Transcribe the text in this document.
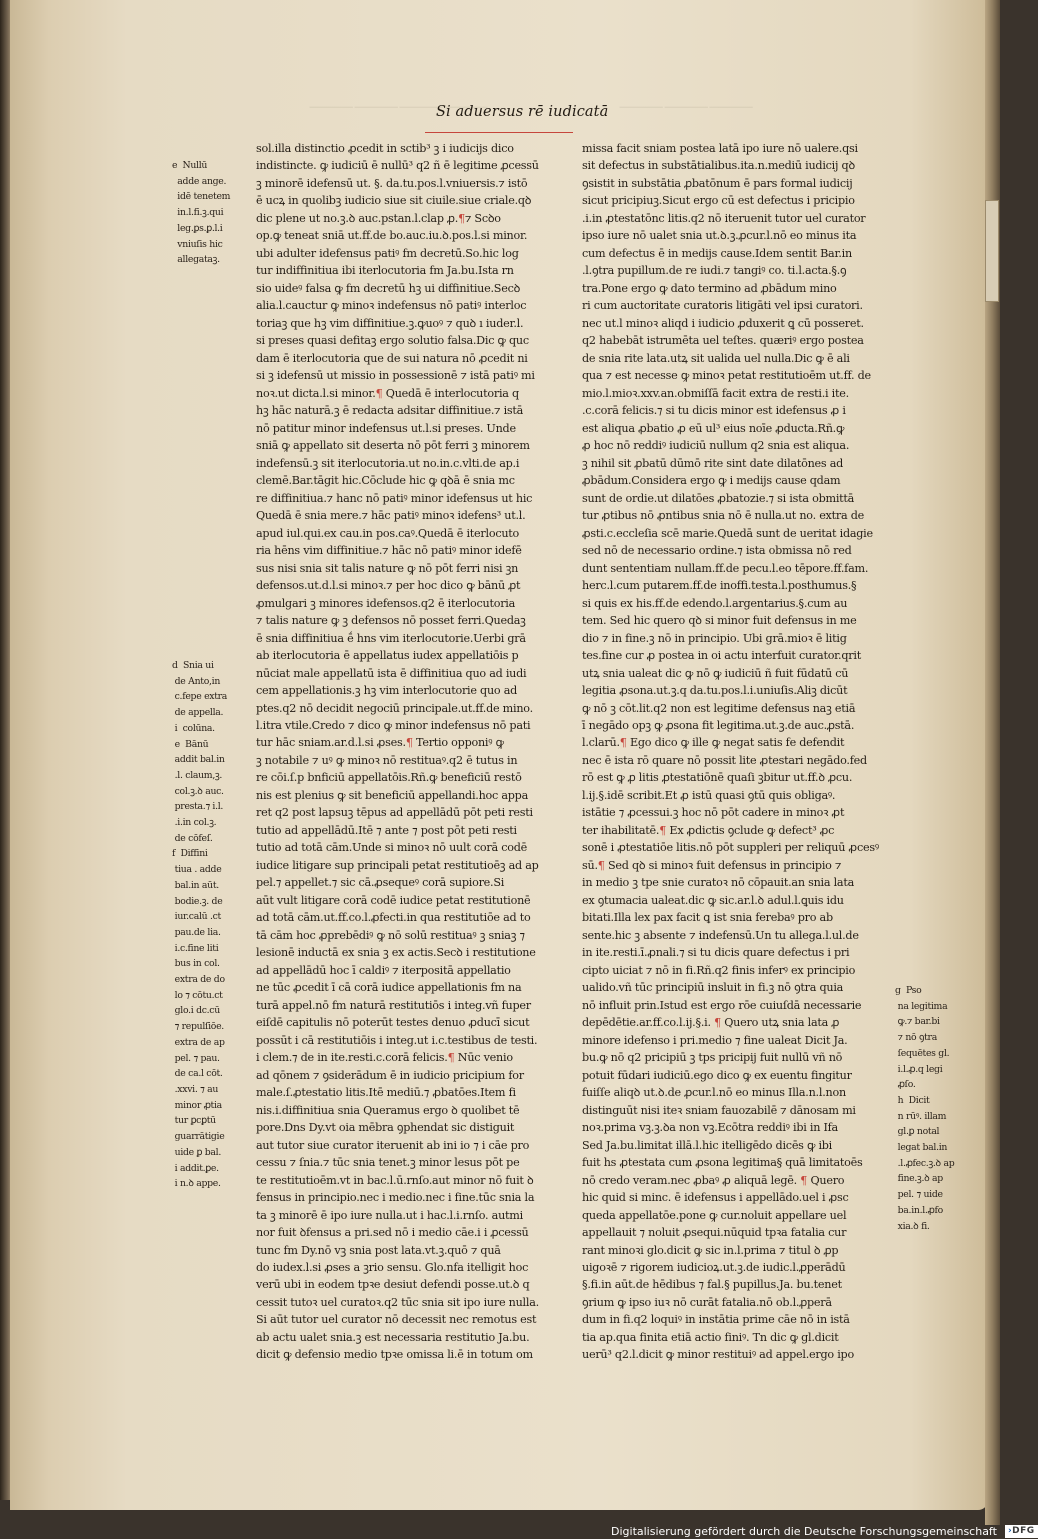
⸻⸻⸻⸻	⸻⸻⸻
Si aduersus rē iudicatā
e  Nullū
adde ange.
idē tenetem
in.l.fi.ꝫ.qui
leg.ꝑs.ꝑ.l.i
vniuſis hic
allegataꝫ.
d  Snia ui
de Anto,in
c.fepe extra
de appella.
i  colūna.
e  Bānū
addit bal.in
.l. claum,ꝫ.
col.ꝫ.ꝺ auc.
presta.⁊ i.l.
.i.in col.ꝫ.
de cōfeſ.
f  Diffini
tiua . adde
bal.in aūt.
bodie.ꝫ. de
iur.calū .ct
pau.de lia.
i.c.fine liti
bus in col.
extra de do
lo ⁊ cōtu.ct
glo.i dc.cū
⁊ repulſiōe.
extra de ap
pel. ⁊ pau.
de ca.l cōt.
.xxvi. ⁊ au
minor ꝓtia
tur ꝑcꝑtū
guarrātigie
uide ꝑ bal.
i addit.ꝑe.
i n.ꝺ appe.
g  Pso
na legitima
ꝙ.⁊ bar.bi
⁊ nō ꝯtra
ſequētes gl.
i.l.ꝓ.q legi
ꝓſo.
h  Dicit
n rūꝰ. illam
gl.ꝑ notal
legat bal.in
.l.ꝓfec.ꝫ.ꝺ ap
fine.ꝫ.ꝺ ap
pel. ⁊ uide
ba.in.l.ꝓfo
xia.ꝺ fi.
sol.illa distinctio ꝓcedit in sctib³ ꝫ i iudicijs dico
indistincte. ꝙ iudiciū ē nullū³ q2 ñ ē legitime ꝓcessū
ꝫ minorē idefensū ut. §. da.tu.pos.l.vniuersis.⁊ istō
ē ucꝝ in quolibꝫ iudicio siue sit ciuile.siue criale.qꝺ
dic plene ut no.ꝫ.ꝺ auc.pstan.l.clap ꝓ.¶⁊ Scꝺo
op.ꝙ teneat sniā ut.ff.de bo.auc.iu.ꝺ.pos.l.si minor.
ubi adulter idefensus patiꝰ fm decretū.So.hic log
tur indiffinitiua ibi iterlocutoria fm Ja.bu.Ista rn
sio uideꝰ falsa ꝙ fm decretū hꝫ ui diffinitiue.Secꝺ
alia.l.cauctur ꝙ minoꝛ indefensus nō patiꝰ interloc
toriaꝫ que hꝫ vim diffinitiue.ꝫ.ꝙuoꝰ ⁊ quꝺ ı iuder.l.
si preses quasi defitaꝫ ergo solutio falsa.Dic ꝙ quc
dam ē iterlocutoria que de sui natura nō ꝓcedit ni
si ꝫ idefensū ut missio in possessionē ⁊ istā patiꝰ mi
noꝛ.ut dicta.l.si minor.¶ Quedā ē interlocutoria q
hꝫ hāc naturā.ꝫ ē redacta adsitar diffinitiue.⁊ istā
nō patitur minor indefensus ut.l.si preses. Unde
sniā ꝙ appellato sit deserta nō pōt ferri ꝫ minorem
indefensū.ꝫ sit iterlocutoria.ut no.in.c.vlti.de ap.i
clemē.Bar.tāgit hic.Cōclude hic ꝙ qꝺā ē snia mc
re diffinitiua.⁊ hanc nō patiꝰ minor idefensus ut hic
Quedā ē snia mere.⁊ hāc patiꝰ minoꝛ idefens³ ut.l.
apud iul.qui.ex cau.in pos.caꝰ.Quedā ē iterlocuto
ria hēns vim diffinitiue.⁊ hāc nō patiꝰ minor idefē
sus nisi snia sit talis nature ꝙ nō pōt ferri nisi ꝫn
defensos.ut.d.l.si minoꝛ.⁊ per hoc dico ꝙ bānū ꝓt
ꝓmulgari ꝫ minores idefensos.q2 ē iterlocutoria
⁊ talis nature ꝙ ꝫ defensos nō posset ferri.Quedaꝫ
ē snia diffinitiua ḗ hns vim iterlocutorie.Uerbi grā
ab iterlocutoria ē appellatus iudex appellatiōis p
nūciat male appellatū ista ē diffinitiua quo ad iudi
cem appellationis.ꝫ hꝫ vim interlocutorie quo ad
ptes.q2 nō decidit negociū principale.ut.ff.de mino.
l.itra vtile.Credo ⁊ dico ꝙ minor indefensus nō pati
tur hāc sniam.ar.d.l.si ꝓses.¶ Tertio opponiꝰ ꝙ
ꝫ notabile ⁊ uꝰ ꝙ minoꝛ nō restituaꝰ.q2 ē tutus in
re cōi.ſ.p bnficiū appellatōis.Rñ.ꝙ beneficiū restō
nis est plenius ꝙ sit beneficiū appellandi.hoc appa
ret q2 post lapsuꝫ tēpus ad appellādū pōt peti resti
tutio ad appellādū.Itē ⁊ ante ⁊ post pōt peti resti
tutio ad totā cām.Unde si minoꝛ nō uult corā codē
iudice litigare sup principali petat restitutioēꝫ ad ap
pel.⁊ appellet.⁊ sic cā.ꝓsequeꝰ corā supiore.Si
aūt vult litigare corā codē iudice petat restitutionē
ad totā cām.ut.ff.co.l.ꝓfecti.in qua restitutiōe ad to
tā cām hoc ꝓprebēdiꝰ ꝙ nō solū restituaꝰ ꝫ sniaꝫ ⁊
lesionē inductā ex snia ꝫ ex actis.Secꝺ i restitutione
ad appellādū hoc ī caldiꝰ ⁊ iterpositā appellatio
ne tūc ꝓcedit ī cā corā iudice appellationis fm na
turā appel.nō fm naturā restitutiōs i integ.vñ fuper
eiſdē capitulis nō poterūt testes denuo ꝓducī sicut
possūt i cā restitutiōis i integ.ut i.c.testibus de testi.
i clem.⁊ de in ite.resti.c.corā felicis.¶ Nūc venio
ad qōnem ⁊ ꝯsiderādum ē in iudicio pricipium for
male.ſ.ꝓtestatio litis.Itē mediū.⁊ ꝓbatōes.Item fi
nis.i.diffinitiua snia Queramus ergo ꝺ quolibet tē
pore.Dns Dy.vt oia mēbra ꝯphendat sic distiguit
aut tutor siue curator iteruenit ab ini io ⁊ i cāe pro
cessu ⁊ ſnia.⁊ tūc snia tenet.ꝫ minor lesus pōt pe
te restitutioēm.vt in bac.l.ū.rnſo.aut minor nō fuit ꝺ
fensus in principio.nec i medio.nec i fine.tūc snia la
ta ꝫ minorē ē ipo iure nulla.ut i hac.l.i.rnſo. autmi
nor fuit ꝺfensus a pri.sed nō i medio cāe.i i ꝓcessū
tunc fm Dy.nō vꝫ snia post lata.vt.ꝫ.quō ⁊ quā
do iudex.l.si ꝓses a ꝫrio sensu. Glo.nfa itelligit hoc
verū ubi in eodem tpꝛe desiut defendi posse.ut.ꝺ q
cessit tutoꝛ uel curatoꝛ.q2 tūc snia sit ipo iure nulla.
Si aūt tutor uel curator nō decessit nec remotus est
ab actu ualet snia.ꝫ est necessaria restitutio Ja.bu.
dicit ꝙ defensio medio tpꝛe omissa li.ē in totum om
missa facit sniam postea latā ipo iure nō ualere.qsi
sit defectus in substātialibus.ita.n.mediū iudicij qꝺ
ꝯsistit in substātia ꝓbatōnum ē pars formal iudicij
sicut pricipiuꝫ.Sicut ergo cū est defectus i pricipio
.i.in ꝓtestatōnc litis.q2 nō iteruenit tutor uel curator
ipso iure nō ualet snia ut.ꝺ.ꝫ.ꝓcur.l.nō eo minus ita
cum defectus ē in medijs cause.Idem sentit Bar.in
.l.ꝯtra pupillum.de re iudi.⁊ tangiꝰ co. ti.l.acta.§.ꝯ
tra.Pone ergo ꝙ dato termino ad ꝓbādum mino
ri cum auctoritate curatoris litigāti vel ipsi curatori.
nec ut.l minoꝛ aliqd i iudicio ꝓduxerit ꝗ cū posseret.
q2 habebāt istrumēta uel teſtes. quæriꝰ ergo postea
de snia rite lata.utꝝ sit ualida uel nulla.Dic ꝙ ē ali
qua ⁊ est necesse ꝙ minoꝛ petat restitutioēm ut.ff. de
mio.l.mioꝛ.xxv.an.obmiſſā facit extra de resti.i ite.
.c.corā felicis.⁊ si tu dicis minor est idefensus ꝓ i
est aliqua ꝓbatio ꝓ eū ul³ eius noīe ꝓducta.Rñ.ꝙ
ꝓ hoc nō reddiꝰ iudiciū nullum q2 snia est aliqua.
ꝫ nihil sit ꝓbatū dūmō rite sint date dilatōnes ad
ꝓbādum.Considera ergo ꝙ i medijs cause qdam
sunt de ordie.ut dilatōes ꝓbatozie.⁊ si ista obmittā
tur ꝓtibus nō ꝓntibus snia nō ē nulla.ut no. extra de
ꝓsti.c.eccleſia scē marie.Quedā sunt de ueritat idagie
sed nō de necessario ordine.⁊ ista obmissa nō red
dunt sententiam nullam.ff.de pecu.l.eo tēpore.ff.fam.
herc.l.cum putarem.ff.de inoffi.testa.l.posthumus.§
si quis ex his.ff.de edendo.l.argentarius.§.cum au
tem. Sed hic quero qꝺ si minor fuit defensus in me
dio ⁊ in fine.ꝫ nō in principio. Ubi grā.mioꝛ ē litig
tes.fine cur ꝓ postea in oi actu interfuit curator.qrit
utꝝ snia ualeat dic ꝙ nō ꝙ iudiciū ñ fuit fūdatū cū
legitia ꝓsona.ut.ꝫ.q da.tu.pos.l.i.uniuſis.Aliꝫ dicūt
ꝙ nō ꝫ cōt.lit.q2 non est legitime defensus naꝫ etiā
ī negādo opꝫ ꝙ ꝓsona fit legitima.ut.ꝫ.de auc.ꝓstā.
l.clarū.¶ Ego dico ꝙ ille ꝙ negat satis fe defendit
nec ē ista rō quare nō possit lite ꝓtestari negādo.fed
rō est ꝙ ꝓ litis ꝓtestatiōnē quaſi ꝫbitur ut.ff.ꝺ ꝓcu.
l.ij.§.idē scribit.Et ꝓ istū quasi ꝯtū quis obligaꝰ.
istātie ⁊ ꝓcessui.ꝫ hoc nō pōt cadere in minoꝛ ꝓt
ter ihabilitatē.¶ Ex ꝓdictis ꝯclude ꝙ defect³ ꝓc
sonē i ꝓtestatiōe litis.nō pōt suppleri per reliquū ꝓcesꝰ
sū.¶ Sed qꝺ si minoꝛ fuit defensus in principio ⁊
in medio ꝫ tpe snie curatoꝛ nō cōpauit.an snia lata
ex ꝯtumacia ualeat.dic ꝙ sic.ar.l.ꝺ adul.l.ꝗuis idu
bitati.Illa lex pax facit ꝗ ist snia ferebaꝰ pro ab
sente.hic ꝫ absente ⁊ indefensū.Un tu allega.l.ul.de
in ite.resti.ī.ꝓnali.⁊ si tu dicis quare defectus i pri
cipto uiciat ⁊ nō in fi.Rñ.q2 finis inferꝰ ex principio
ualido.vñ tūc principiū insluit in fi.ꝫ nō ꝯtra quia
nō influit prin.Istud est ergo rōe cuiuſdā necessarie
depēdētie.ar.ff.co.l.ij.§.i. ¶ Quero utꝝ snia lata ꝓ
minore idefenso i pri.medio ⁊ fine ualeat Dicit Ja.
bu.ꝙ nō q2 pricipiū ꝫ tps pricipij fuit nullū vñ nō
potuit fūdari iudiciū.ego dico ꝙ ex euentu fingitur
fuiſſe aliqꝺ ut.ꝺ.de ꝓcur.l.nō eo minus Illa.n.l.non
distinguūt nisi iteꝛ sniam fauozabilē ⁊ dānosam mi
noꝛ.prima vꝫ.ꝫ.ꝺa non vꝫ.Ecōtra reddiꝰ ibi in Ifa
Sed Ja.bu.limitat illā.l.hic itelligēdo dicēs ꝙ ibi
fuit hs ꝓtestata cum ꝓsona legitima§ quā limitatoēs
nō credo veram.nec ꝓbaꝰ ꝓ aliquā legē. ¶ Quero
hic quid si minc. ē idefensus i appellādo.uel i ꝓsc
queda appellatōe.pone ꝙ cur.noluit appellare uel
appellauit ⁊ noluit ꝓsequi.nūquid tpꝛa fatalia cur
rant minoꝛi glo.dicit ꝙ sic in.l.prima ⁊ titul ꝺ ꝓp
uigoꝛē ⁊ rigorem iudicioꝝ.ut.ꝫ.de iudic.l.ꝓperādū
§.fi.in aūt.de hēdibus ⁊ fal.§ pupillus.Ja. bu.tenet
ꝯrium ꝙ ipso iuꝛ nō curāt fatalia.nō ob.l.ꝓperā
dum in fi.q2 loquiꝰ in instātia prime cāe nō in istā
tia ap.qua finita etiā actio finiꝰ. Tn dic ꝙ gl.dicit
uerū³ q2.l.dicit ꝙ minor restituiꝰ ad appel.ergo ipo
Digitalisierung gefördert durch die Deutsche Forschungsgemeinschaft	›DFG
